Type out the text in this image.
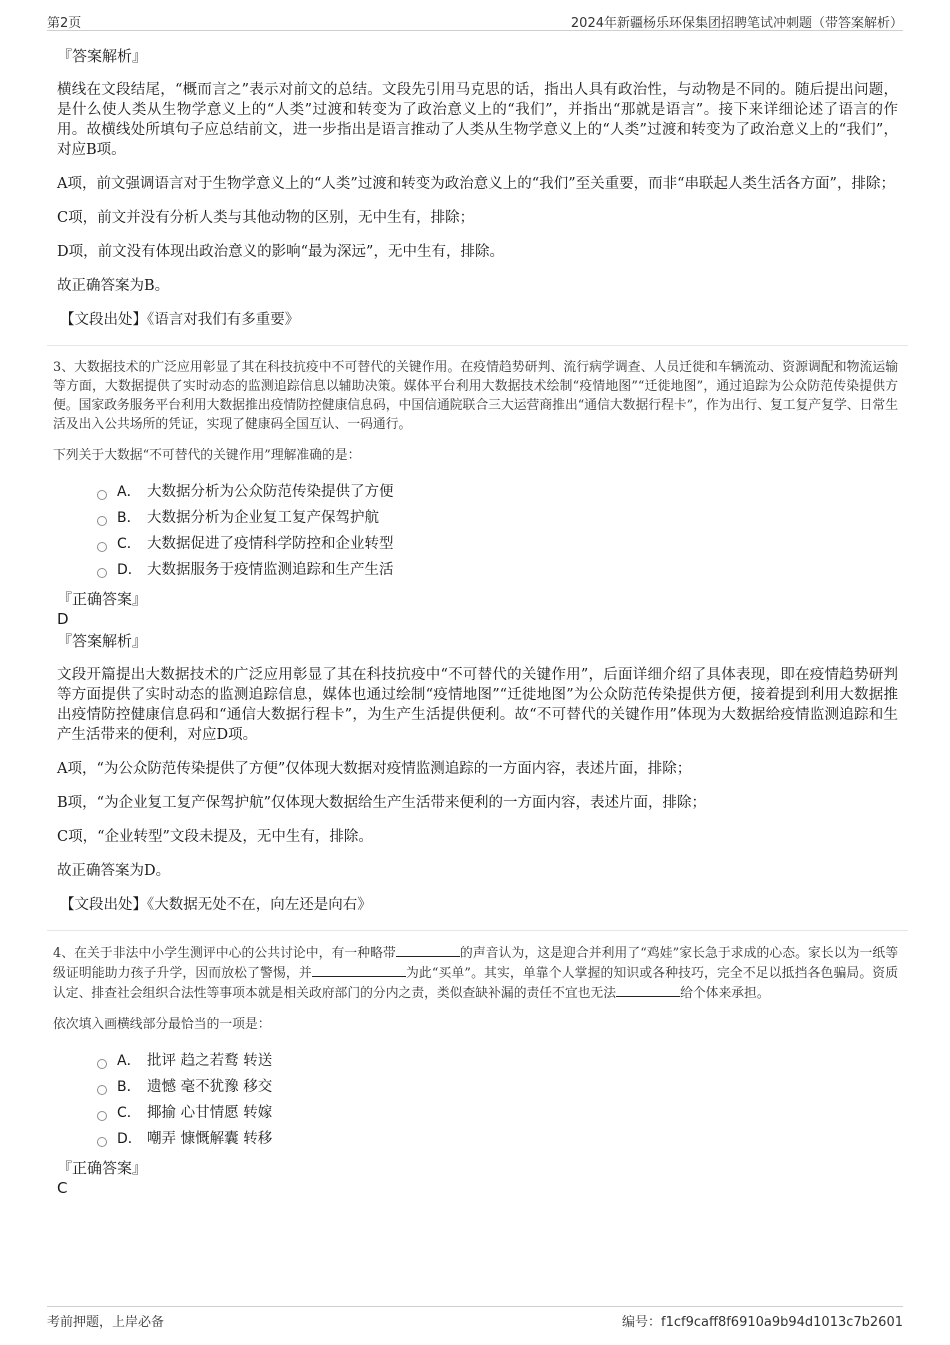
第2页	2024年新疆杨乐环保集团招聘笔试冲刺题（带答案解析）

『答案解析』

横线在文段结尾，“概而言之”表示对前文的总结。文段先引用马克思的话，指出人具有政治性，与动物是不同的。随后提出问题，是什么使人类从生物学意义上的“人类”过渡和转变为了政治意义上的“我们”，并指出“那就是语言”。接下来详细论述了语言的作用。故横线处所填句子应总结前文，进一步指出是语言推动了人类从生物学意义上的“人类”过渡和转变为了政治意义上的“我们”，对应B项。

A项，前文强调语言对于生物学意义上的“人类”过渡和转变为政治意义上的“我们”至关重要，而非“串联起人类生活各方面”，排除；

C项，前文并没有分析人类与其他动物的区别，无中生有，排除；

D项，前文没有体现出政治意义的影响“最为深远”，无中生有，排除。

故正确答案为B。

【文段出处】《语言对我们有多重要》

3、大数据技术的广泛应用彰显了其在科技抗疫中不可替代的关键作用。在疫情趋势研判、流行病学调查、人员迁徙和车辆流动、资源调配和物流运输等方面，大数据提供了实时动态的监测追踪信息以辅助决策。媒体平台利用大数据技术绘制“疫情地图”“迁徙地图”，通过追踪为公众防范传染提供方便。国家政务服务平台利用大数据推出疫情防控健康信息码，中国信通院联合三大运营商推出“通信大数据行程卡”，作为出行、复工复产复学、日常生活及出入公共场所的凭证，实现了健康码全国互认、一码通行。

下列关于大数据“不可替代的关键作用”理解准确的是：

A． 大数据分析为公众防范传染提供了方便
B． 大数据分析为企业复工复产保驾护航
C． 大数据促进了疫情科学防控和企业转型
D． 大数据服务于疫情监测追踪和生产生活

『正确答案』

D

『答案解析』

文段开篇提出大数据技术的广泛应用彰显了其在科技抗疫中“不可替代的关键作用”，后面详细介绍了具体表现，即在疫情趋势研判等方面提供了实时动态的监测追踪信息，媒体也通过绘制“疫情地图”“迁徙地图”为公众防范传染提供方便，接着提到利用大数据推出疫情防控健康信息码和“通信大数据行程卡”，为生产生活提供便利。故“不可替代的关键作用”体现为大数据给疫情监测追踪和生产生活带来的便利，对应D项。

A项，“为公众防范传染提供了方便”仅体现大数据对疫情监测追踪的一方面内容，表述片面，排除；

B项，“为企业复工复产保驾护航”仅体现大数据给生产生活带来便利的一方面内容，表述片面，排除；

C项，“企业转型”文段未提及，无中生有，排除。

故正确答案为D。

【文段出处】《大数据无处不在，向左还是向右》

4、在关于非法中小学生测评中心的公共讨论中，有一种略带	的声音认为，这是迎合并利用了“鸡娃”家长急于求成的心态。家长以为一纸等级证明能助力孩子升学，因而放松了警惕，并	为此“买单”。其实，单靠个人掌握的知识或各种技巧，完全不足以抵挡各色骗局。资质认定、排查社会组织合法性等事项本就是相关政府部门的分内之责，类似查缺补漏的责任不宜也无法	给个体来承担。

依次填入画横线部分最恰当的一项是：

A． 批评 趋之若鹜 转送
B． 遗憾 毫不犹豫 移交
C． 揶揄 心甘情愿 转嫁
D． 嘲弄 慷慨解囊 转移

『正确答案』

C

考前押题，上岸必备	编号：f1cf9caff8f6910a9b94d1013c7b2601
